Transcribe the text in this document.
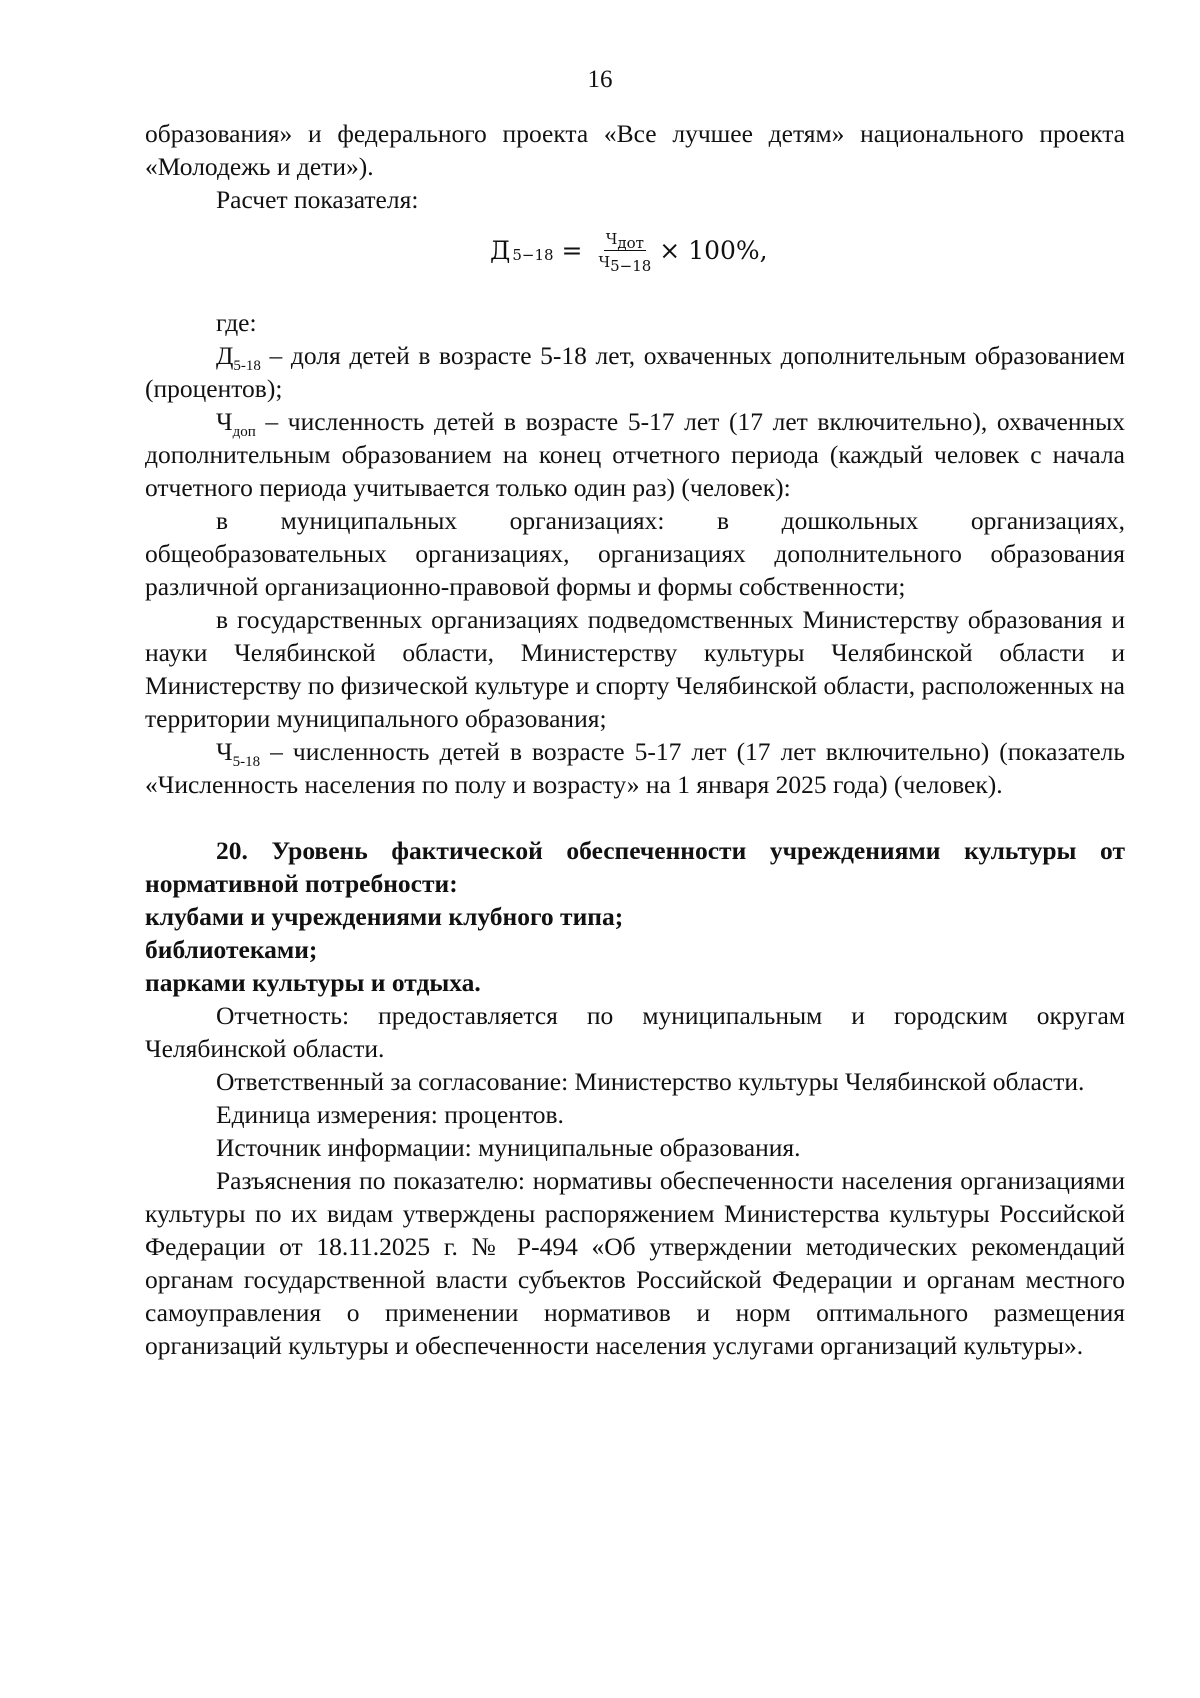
16

образования» и федерального проекта «Все лучшее детям» национального проекта «Молодежь и дети»).

Расчет показателя:

Д $5-18 = \frac{Ч_{дот}}{Ч_{5-18}} \times 100\%$,

где:

$Д_{5-18}$ – доля детей в возрасте 5-18 лет, охваченных дополнительным образованием (процентов);

$Ч_{доп}$ – численность детей в возрасте 5-17 лет (17 лет включительно), охваченных дополнительным образованием на конец отчетного периода (каждый человек с начала отчетного периода учитывается только один раз) (человек):

в муниципальных организациях: в дошкольных организациях, общеобразовательных организациях, организациях дополнительного образования различной организационно-правовой формы и формы собственности;

в государственных организациях подведомственных Министерству образования и науки Челябинской области, Министерству культуры Челябинской области и Министерству по физической культуре и спорту Челябинской области, расположенных на территории муниципального образования;

$Ч_{5-18}$ – численность детей в возрасте 5-17 лет (17 лет включительно) (показатель «Численность населения по полу и возрасту» на 1 января 2025 года) (человек).

20. Уровень фактической обеспеченности учреждениями культуры от нормативной потребности:

клубами и учреждениями клубного типа;

библиотеками;

парками культуры и отдыха.

Отчетность: предоставляется по муниципальным и городским округам Челябинской области.

Ответственный за согласование: Министерство культуры Челябинской области.

Единица измерения: процентов.

Источник информации: муниципальные образования.

Разъяснения по показателю: нормативы обеспеченности населения организациями культуры по их видам утверждены распоряжением Министерства культуры Российской Федерации от 18.11.2025 г. № Р-494 «Об утверждении методических рекомендаций органам государственной власти субъектов Российской Федерации и органам местного самоуправления о применении нормативов и норм оптимального размещения организаций культуры и обеспеченности населения услугами организаций культуры».
